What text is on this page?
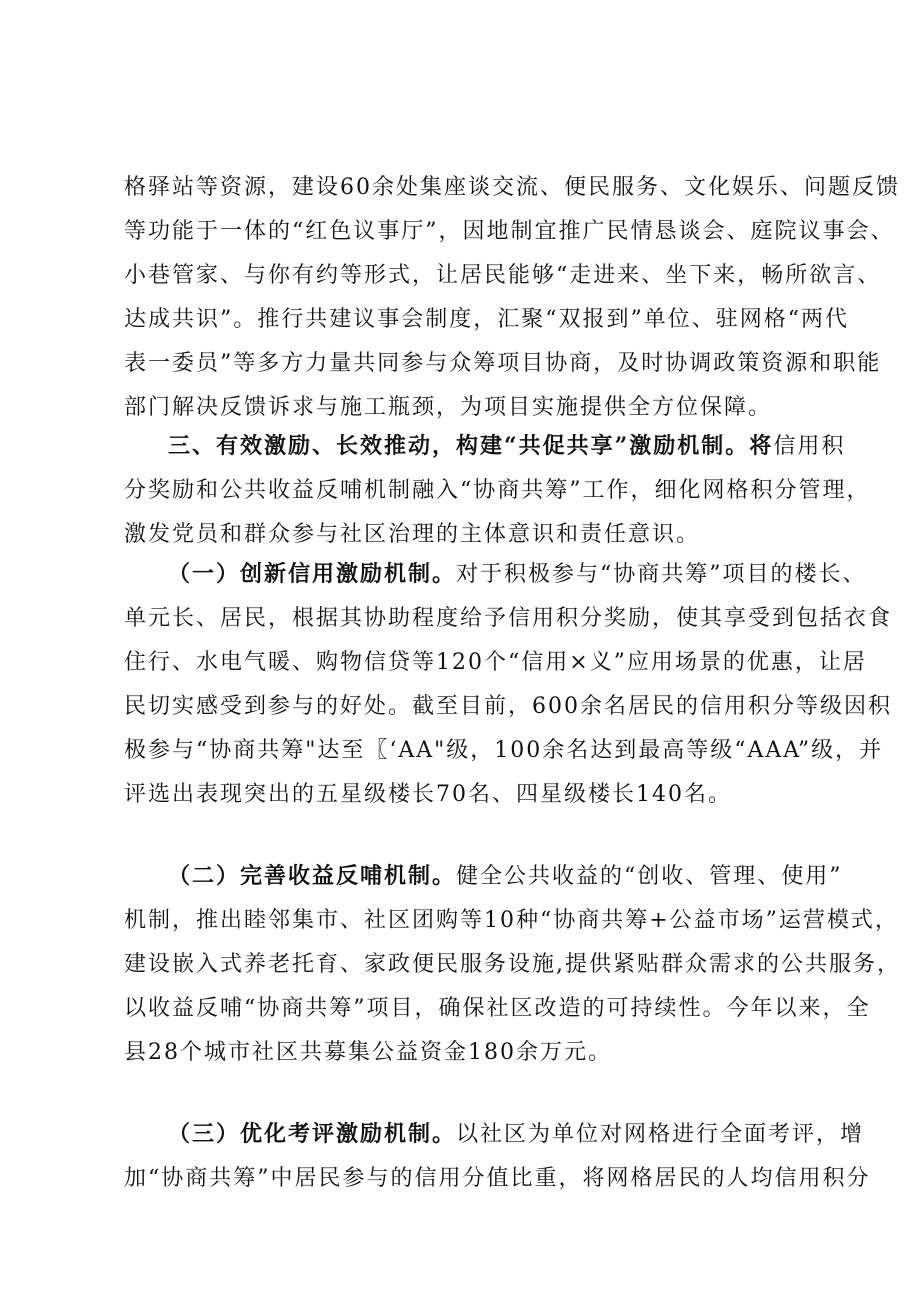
格驿站等资源，建设60余处集座谈交流、便民服务、文化娱乐、问题反馈
等功能于一体的“红色议事厅”，因地制宜推广民情恳谈会、庭院议事会、
小巷管家、与你有约等形式，让居民能够“走进来、坐下来，畅所欲言、
达成共识”。推行共建议事会制度，汇聚“双报到”单位、驻网格“两代
表一委员”等多方力量共同参与众筹项目协商，及时协调政策资源和职能
部门解决反馈诉求与施工瓶颈，为项目实施提供全方位保障。
三、有效激励、长效推动，构建“共促共享”激励机制。将信用积
分奖励和公共收益反哺机制融入“协商共筹”工作，细化网格积分管理，
激发党员和群众参与社区治理的主体意识和责任意识。
（一）创新信用激励机制。对于积极参与“协商共筹”项目的楼长、
单元长、居民，根据其协助程度给予信用积分奖励，使其享受到包括衣食
住行、水电气暖、购物信贷等120个“信用×义”应用场景的优惠，让居
民切实感受到参与的好处。截至目前，600余名居民的信用积分等级因积
极参与“协商共筹"达至〖‘AA"级，100余名达到最高等级“AAA”级，并
评选出表现突出的五星级楼长70名、四星级楼长140名。
（二）完善收益反哺机制。健全公共收益的“创收、管理、使用”
机制，推出睦邻集市、社区团购等10种“协商共筹+公益市场”运营模式，
建设嵌入式养老托育、家政便民服务设施,提供紧贴群众需求的公共服务，
以收益反哺“协商共筹”项目，确保社区改造的可持续性。今年以来，全
县28个城市社区共募集公益资金180余万元。
（三）优化考评激励机制。以社区为单位对网格进行全面考评，增
加“协商共筹”中居民参与的信用分值比重，将网格居民的人均信用积分
